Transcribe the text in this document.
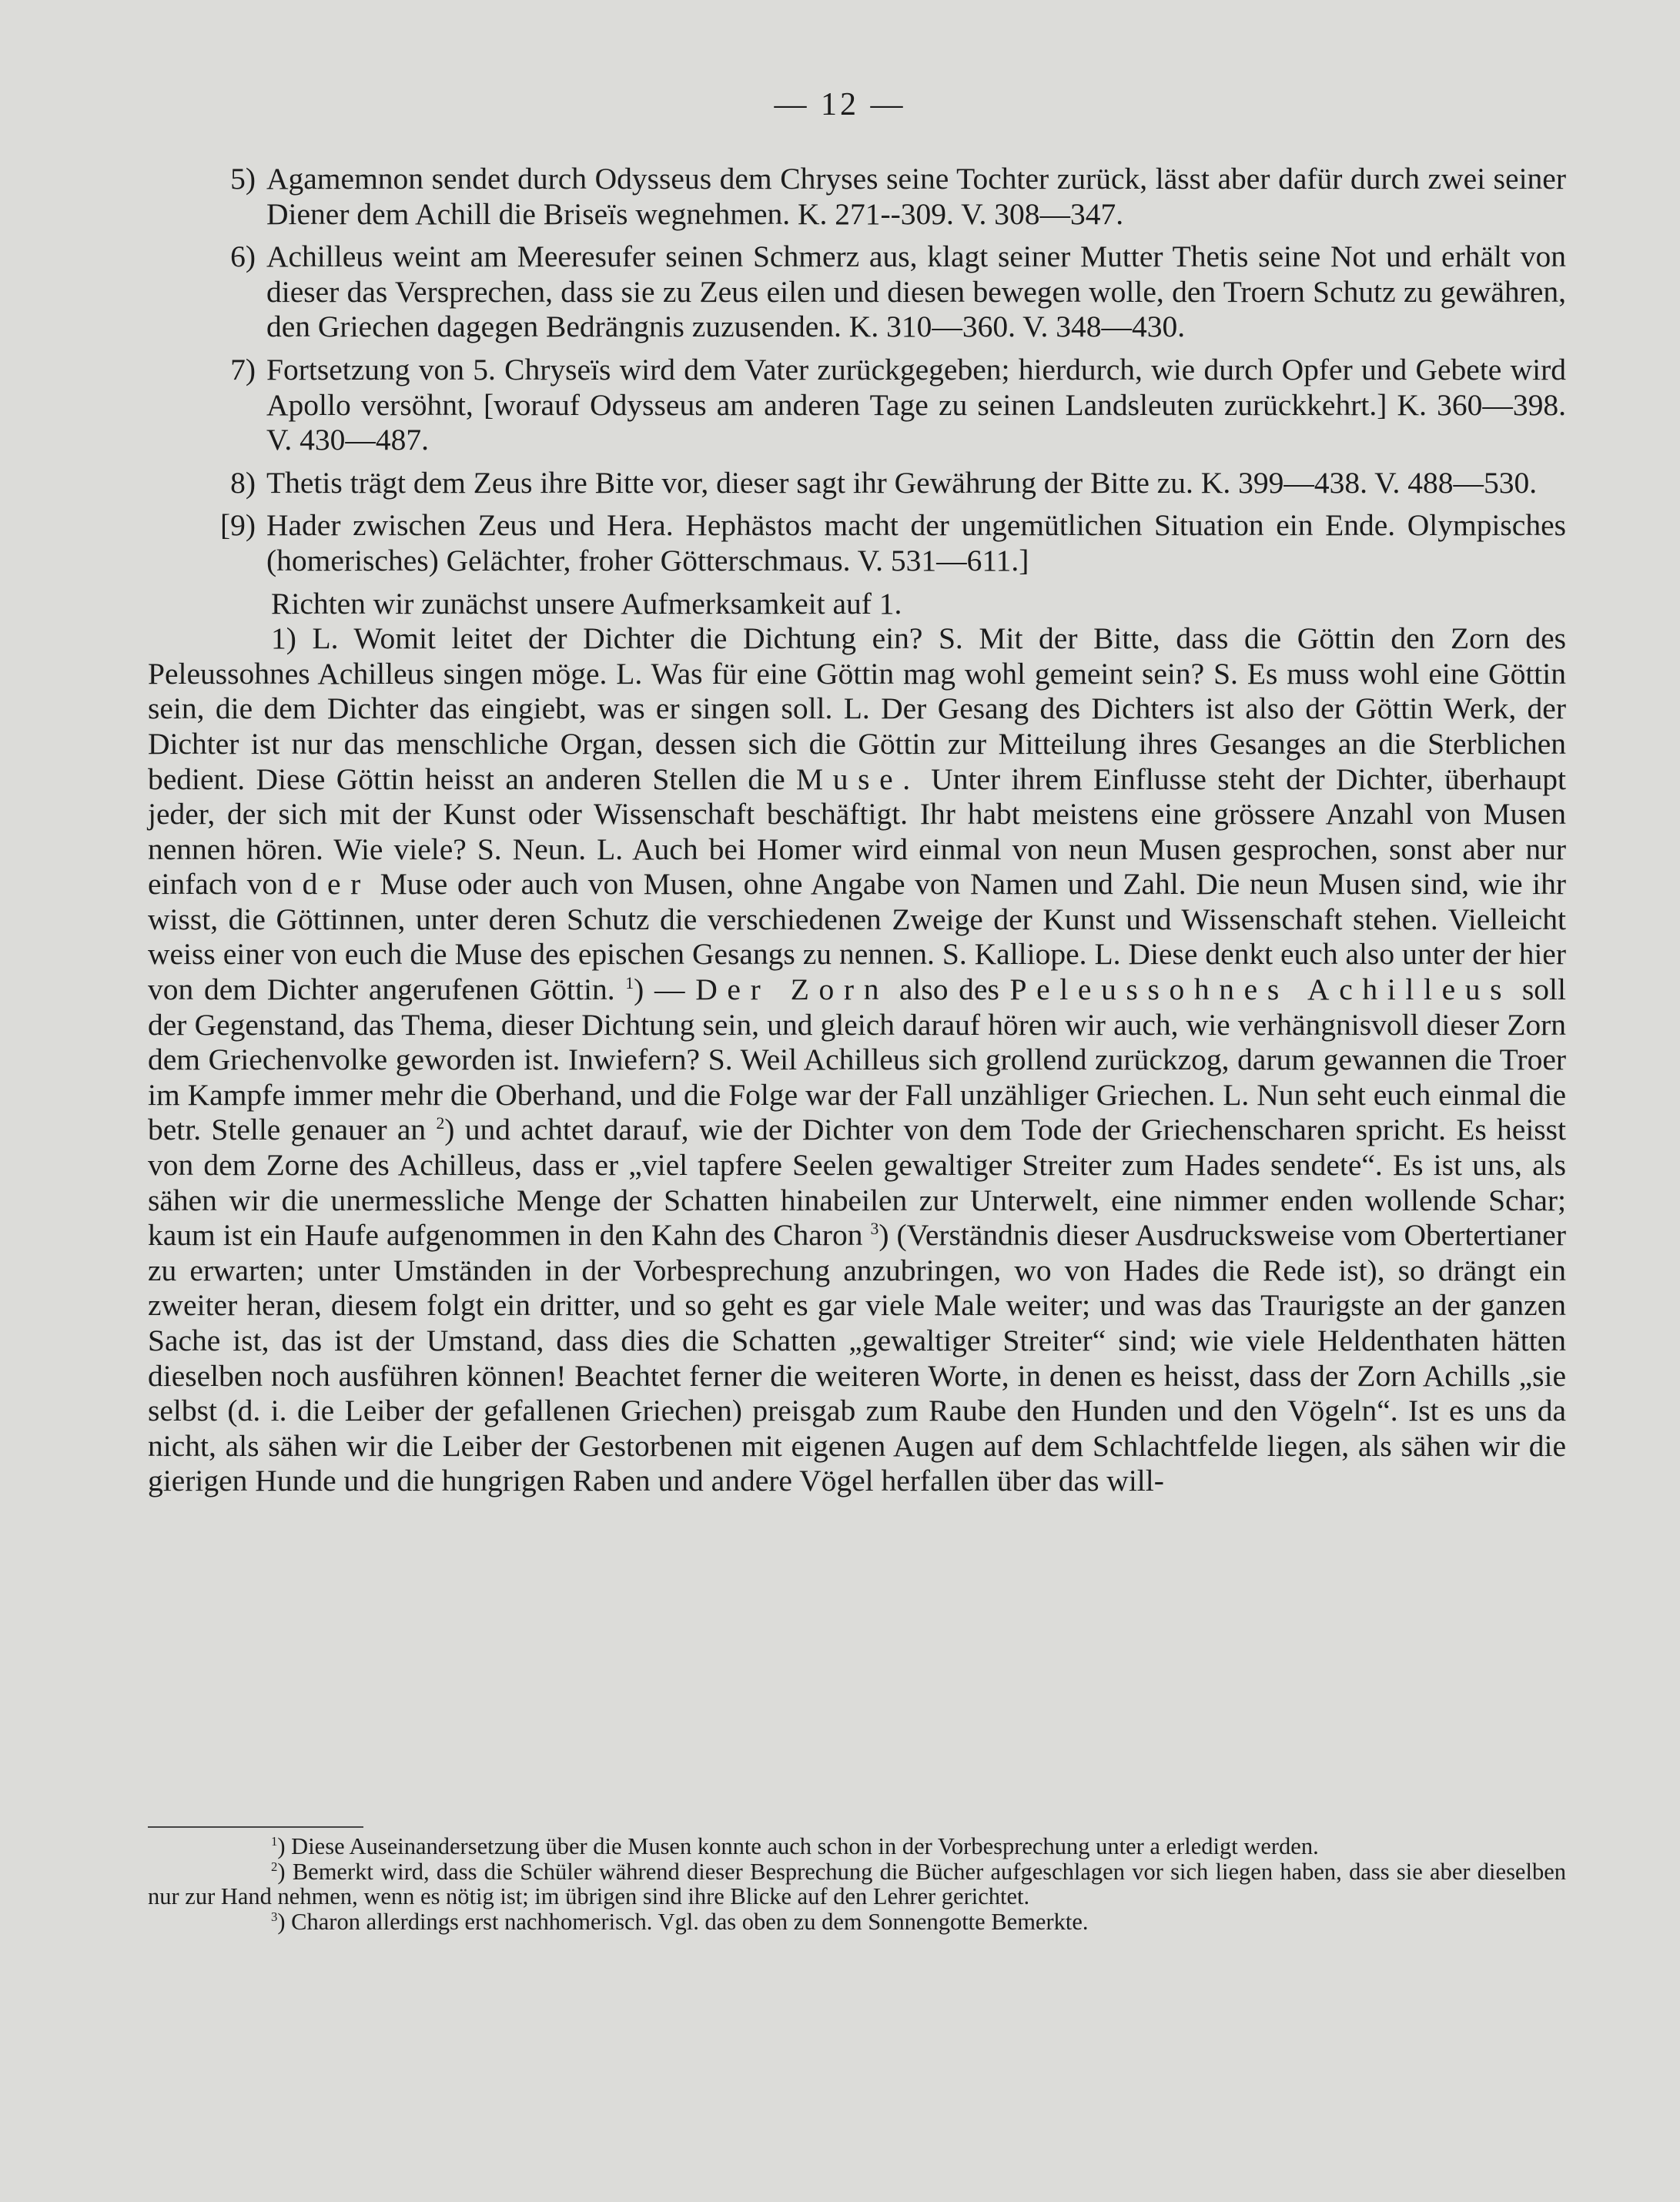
— 12 —
5) Agamemnon sendet durch Odysseus dem Chryses seine Tochter zurück, lässt aber dafür durch zwei seiner Diener dem Achill die Briseïs wegnehmen. K. 271--309. V. 308—347.
6) Achilleus weint am Meeresufer seinen Schmerz aus, klagt seiner Mutter Thetis seine Not und erhält von dieser das Versprechen, dass sie zu Zeus eilen und diesen bewegen wolle, den Troern Schutz zu gewähren, den Griechen dagegen Bedrängnis zuzusenden. K. 310—360. V. 348—430.
7) Fortsetzung von 5. Chryseïs wird dem Vater zurückgegeben; hierdurch, wie durch Opfer und Gebete wird Apollo versöhnt, [worauf Odysseus am anderen Tage zu seinen Landsleuten zurückkehrt.] K. 360—398. V. 430—487.
8) Thetis trägt dem Zeus ihre Bitte vor, dieser sagt ihr Gewährung der Bitte zu. K. 399—438. V. 488—530.
[9) Hader zwischen Zeus und Hera. Hephästos macht der ungemütlichen Situation ein Ende. Olympisches (homerisches) Gelächter, froher Götterschmaus. V. 531—611.]

Richten wir zunächst unsere Aufmerksamkeit auf 1.

1) L. Womit leitet der Dichter die Dichtung ein? S. Mit der Bitte, dass die Göttin den Zorn des Peleussohnes Achilleus singen möge. L. Was für eine Göttin mag wohl gemeint sein? S. Es muss wohl eine Göttin sein, die dem Dichter das eingiebt, was er singen soll. L. Der Gesang des Dichters ist also der Göttin Werk, der Dichter ist nur das menschliche Organ, dessen sich die Göttin zur Mitteilung ihres Gesanges an die Sterblichen bedient. Diese Göttin heisst an anderen Stellen die Muse. Unter ihrem Einflusse steht der Dichter, überhaupt jeder, der sich mit der Kunst oder Wissenschaft beschäftigt. Ihr habt meistens eine grössere Anzahl von Musen nennen hören. Wie viele? S. Neun. L. Auch bei Homer wird einmal von neun Musen gesprochen, sonst aber nur einfach von der Muse oder auch von Musen, ohne Angabe von Namen und Zahl. Die neun Musen sind, wie ihr wisst, die Göttinnen, unter deren Schutz die verschiedenen Zweige der Kunst und Wissenschaft stehen. Vielleicht weiss einer von euch die Muse des epischen Gesangs zu nennen. S. Kalliope. L. Diese denkt euch also unter der hier von dem Dichter angerufenen Göttin. $^1$) — Der Zorn also des Peleussohnes Achilleus soll der Gegenstand, das Thema, dieser Dichtung sein, und gleich darauf hören wir auch, wie verhängnisvoll dieser Zorn dem Griechenvolke geworden ist. Inwiefern? S. Weil Achilleus sich grollend zurückzog, darum gewannen die Troer im Kampfe immer mehr die Oberhand, und die Folge war der Fall unzähliger Griechen. L. Nun seht euch einmal die betr. Stelle genauer an $^2$) und achtet darauf, wie der Dichter von dem Tode der Griechenscharen spricht. Es heisst von dem Zorne des Achilleus, dass er „viel tapfere Seelen gewaltiger Streiter zum Hades sendete“. Es ist uns, als sähen wir die unermessliche Menge der Schatten hinabeilen zur Unterwelt, eine nimmer enden wollende Schar; kaum ist ein Haufe aufgenommen in den Kahn des Charon $^3$) (Verständnis dieser Ausdrucksweise vom Obertertianer zu erwarten; unter Umständen in der Vorbesprechung anzubringen, wo von Hades die Rede ist), so drängt ein zweiter heran, diesem folgt ein dritter, und so geht es gar viele Male weiter; und was das Traurigste an der ganzen Sache ist, das ist der Umstand, dass dies die Schatten „gewaltiger Streiter“ sind; wie viele Heldenthaten hätten dieselben noch ausführen können! Beachtet ferner die weiteren Worte, in denen es heisst, dass der Zorn Achills „sie selbst (d. i. die Leiber der gefallenen Griechen) preisgab zum Raube den Hunden und den Vögeln“. Ist es uns da nicht, als sähen wir die Leiber der Gestorbenen mit eigenen Augen auf dem Schlachtfelde liegen, als sähen wir die gierigen Hunde und die hungrigen Raben und andere Vögel herfallen über das will-

$^1$) Diese Auseinandersetzung über die Musen konnte auch schon in der Vorbesprechung unter a erledigt werden.

$^2$) Bemerkt wird, dass die Schüler während dieser Besprechung die Bücher aufgeschlagen vor sich liegen haben, dass sie aber dieselben nur zur Hand nehmen, wenn es nötig ist; im übrigen sind ihre Blicke auf den Lehrer gerichtet.

$^3$) Charon allerdings erst nachhomerisch. Vgl. das oben zu dem Sonnengotte Bemerkte.
